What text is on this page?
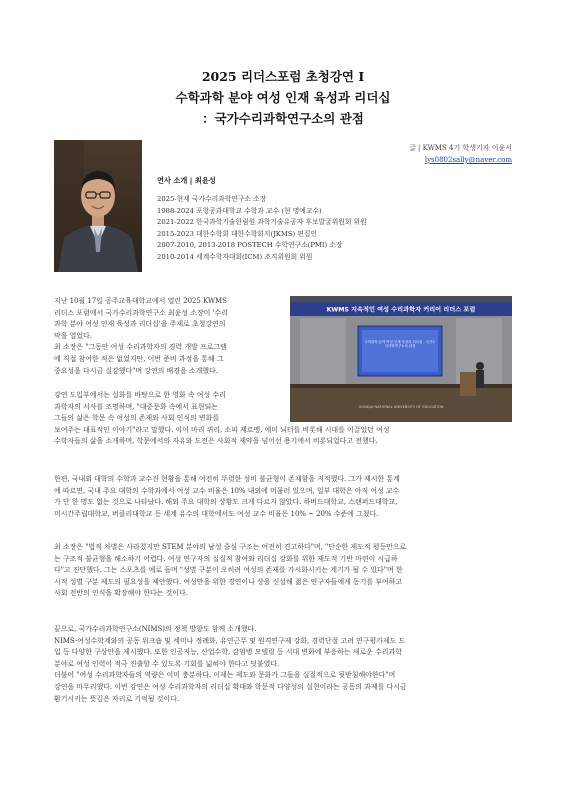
2025 리더스포럼 초청강연 Ⅰ
수학과학 분야 여성 인재 육성과 리더십
：국가수리과학연구소의 관점
글 | KWMS 4기 학생기자 이윤서
lys0802sally@naver.com
연사 소개 | 최윤성
2025-현재 국가수리과학연구소 소장
1988-2024 포항공과대학교 수학과 교수 (현 명예교수)
2021-2022 한국과학기술한림원 과학기술유공자 후보발굴위원회 위원
2015-2023 대한수학회 대한수학회지(JKMS) 편집인
2007-2010, 2013-2018 POSTECH 수학연구소(PMI) 소장
2010-2014 세계수학자대회(ICM) 조직위원회 위원
KWMS 지속적인 여성 수리과학자 커리어 리더스 포럼
수학과학 분야 여성 인재 육성과 리더십 - 국가수리과학연구소의 관점
GONGJU NATIONAL UNIVERSITY OF EDUCATION
지난 10월 17일 공주교육대학교에서 열린 2025 KWMS
리더스 포럼에서 국가수리과학연구소 최윤성 소장이 '수리
과학 분야 여성 인재 육성과 리더십'을 주제로 초청강연의
막을 열었다.
최 소장은 "그동안 여성 수리과학자의 경력 개발 프로그램
에 직접 참여한 적은 없었지만, 이번 준비 과정을 통해 그
중요성을 다시금 실감했다"며 강연의 배경을 소개했다.
강연 도입부에서는 실화를 바탕으로 한 영화 속 여성 수리
과학자의 서사를 조명하며, "대중문화 속에서 표현되는
그들의 삶은 학문 속 여성의 존재와 사회 인식의 변화를
보여주는 대표적인 이야기"라고 말했다. 이어 마리 퀴리, 소피 제르맹, 에미 뇌터를 비롯해 시대를 이끌었던 여성
수학자들의 삶을 소개하며, 학문에서의 자유와 도전은 사회적 제약을 넘어선 용기에서 비롯되었다고 전했다.
한편, 국내외 대학의 수학과 교수진 현황을 통해 여전히 뚜렷한 성비 불균형이 존재함을 지적했다. 그가 제시한 통계
에 따르면, 국내 주요 대학의 수학과에서 여성 교수 비율은 10% 내외에 머물러 있으며, 일부 대학은 아직 여성 교수
가 단 한 명도 없는 것으로 나타났다. 해외 주요 대학의 상황도 크게 다르지 않았다. 하버드대학교, 스탠퍼드대학교,
미시간주립대학교, 버클리대학교 등 세계 유수의 대학에서도 여성 교수 비율은 10% ~ 20% 수준에 그쳤다.
최 소장은 "법적 차별은 사라졌지만 STEM 분야의 남성 중심 구조는 여전히 견고하다"며, "단순한 제도적 평등만으로
는 구조적 불균형을 해소하기 어렵다. 여성 연구자의 실질적 참여와 리더십 강화를 위한 제도적 기반 마련이 시급하
다"고 진단했다. 그는 스포츠를 예로 들며 "성별 구분이 오히려 여성의 존재를 가시화시키는 계기가 될 수 있다"며 한
시적 성별 구분 제도의 필요성을 제안했다. 여성만을 위한 경연이나 상을 신설해 젊은 연구자들에게 동기를 부여하고
사회 전반의 인식을 확장해야 한다는 것이다.
끝으로, 국가수리과학연구소(NIMS)의 정책 방향도 함께 소개했다.
NIMS-여성수학계와의 공동 워크숍 및 세미나 정례화, 유연근무 및 원격연구제 강화, 경력단절 고려 연구평가제도 도
입 등 다양한 구상안을 제시했다. 또한 인공지능, 산업수학, 감염병 모델링 등 시대 변화에 부응하는 새로운 수리과학
분야로 여성 인력이 적극 진출할 수 있도록 기회를 넓혀야 한다고 덧붙였다.
더불어 "여성 수리과학자들의 역량은 이미 충분하다. 이제는 제도와 문화가 그들을 실질적으로 뒷받침해야한다"며
강연을 마무리했다. 이번 강연은 여성 수리과학자의 리더십 확대와 학문적 다양성의 실현이라는 공동의 과제를 다시금
환기시키는 뜻깊은 자리로 기억될 것이다.
